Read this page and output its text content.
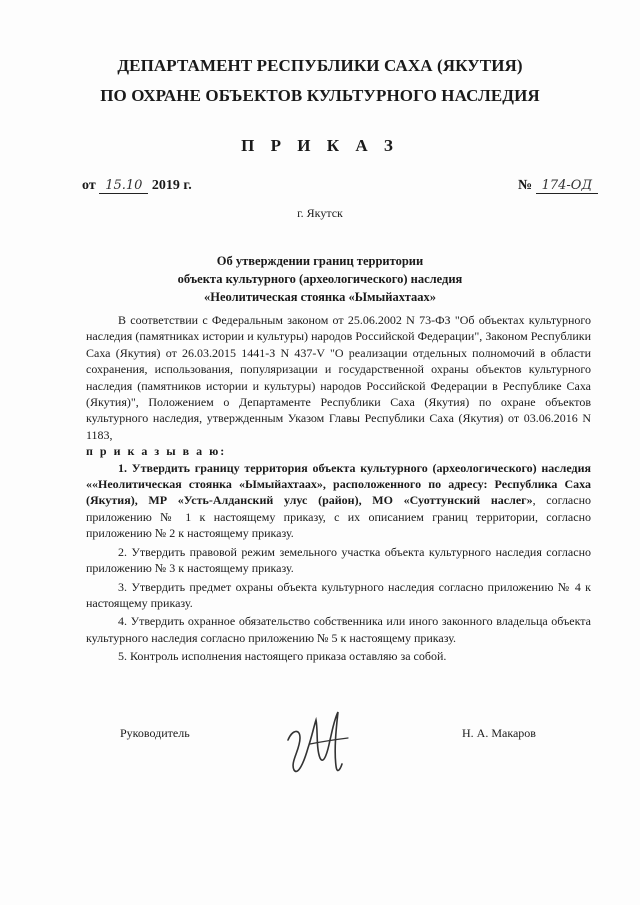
ДЕПАРТАМЕНТ РЕСПУБЛИКИ САХА (ЯКУТИЯ)
ПО ОХРАНЕ ОБЪЕКТОВ КУЛЬТУРНОГО НАСЛЕДИЯ
П Р И К А З
от 15.10 2019 г.	№ 174-ОД
г. Якутск
Об утверждении границ территории
объекта культурного (археологического) наследия
«Неолитическая стоянка «Ымыйахтаах»

В соответствии с Федеральным законом от 25.06.2002 N 73-ФЗ "Об объектах культурного наследия (памятниках истории и культуры) народов Российской Федерации", Законом Республики Саха (Якутия) от 26.03.2015 1441-З N 437-V "О реализации отдельных полномочий в области сохранения, использования, популяризации и государственной охраны объектов культурного наследия (памятников истории и культуры) народов Российской Федерации в Республике Саха (Якутия)", Положением о Департаменте Республики Саха (Якутия) по охране объектов культурного наследия, утвержденным Указом Главы Республики Саха (Якутия) от 03.06.2016 N 1183,

п р и к а з ы в а ю:

1. Утвердить границу территория объекта культурного (археологического) наследия ««Неолитическая стоянка «Ымыйахтаах», расположенного по адресу: Республика Саха (Якутия), МР «Усть-Алданский улус (район), МО «Суоттунский наслег», согласно приложению № 1 к настоящему приказу, с их описанием границ территории, согласно приложению № 2 к настоящему приказу.

2. Утвердить правовой режим земельного участка объекта культурного наследия согласно приложению № 3 к настоящему приказу.

3. Утвердить предмет охраны объекта культурного наследия согласно приложению № 4 к настоящему приказу.

4. Утвердить охранное обязательство собственника или иного законного владельца объекта культурного наследия согласно приложению № 5 к настоящему приказу.

5. Контроль исполнения настоящего приказа оставляю за собой.

Руководитель	Н. А. Макаров
